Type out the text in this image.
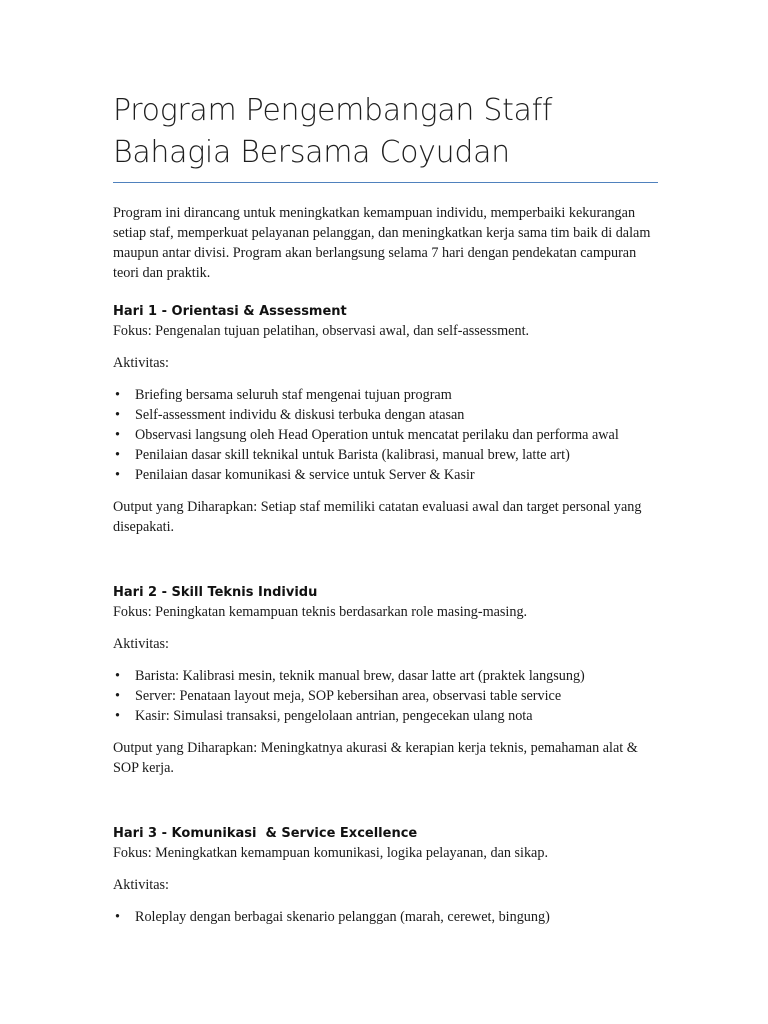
Program Pengembangan Staff Bahagia Bersama Coyudan

Program ini dirancang untuk meningkatkan kemampuan individu, memperbaiki kekurangan setiap staf, memperkuat pelayanan pelanggan, dan meningkatkan kerja sama tim baik di dalam maupun antar divisi. Program akan berlangsung selama 7 hari dengan pendekatan campuran teori dan praktik.

Hari 1 - Orientasi & Assessment

Fokus: Pengenalan tujuan pelatihan, observasi awal, dan self-assessment.

Aktivitas:

• Briefing bersama seluruh staf mengenai tujuan program
• Self-assessment individu & diskusi terbuka dengan atasan
• Observasi langsung oleh Head Operation untuk mencatat perilaku dan performa awal
• Penilaian dasar skill teknikal untuk Barista (kalibrasi, manual brew, latte art)
• Penilaian dasar komunikasi & service untuk Server & Kasir

Output yang Diharapkan: Setiap staf memiliki catatan evaluasi awal dan target personal yang disepakati.

Hari 2 - Skill Teknis Individu

Fokus: Peningkatan kemampuan teknis berdasarkan role masing-masing.

Aktivitas:

• Barista: Kalibrasi mesin, teknik manual brew, dasar latte art (praktek langsung)
• Server: Penataan layout meja, SOP kebersihan area, observasi table service
• Kasir: Simulasi transaksi, pengelolaan antrian, pengecekan ulang nota

Output yang Diharapkan: Meningkatnya akurasi & kerapian kerja teknis, pemahaman alat & SOP kerja.

Hari 3 - Komunikasi  & Service Excellence

Fokus: Meningkatkan kemampuan komunikasi, logika pelayanan, dan sikap.

Aktivitas:

• Roleplay dengan berbagai skenario pelanggan (marah, cerewet, bingung)
